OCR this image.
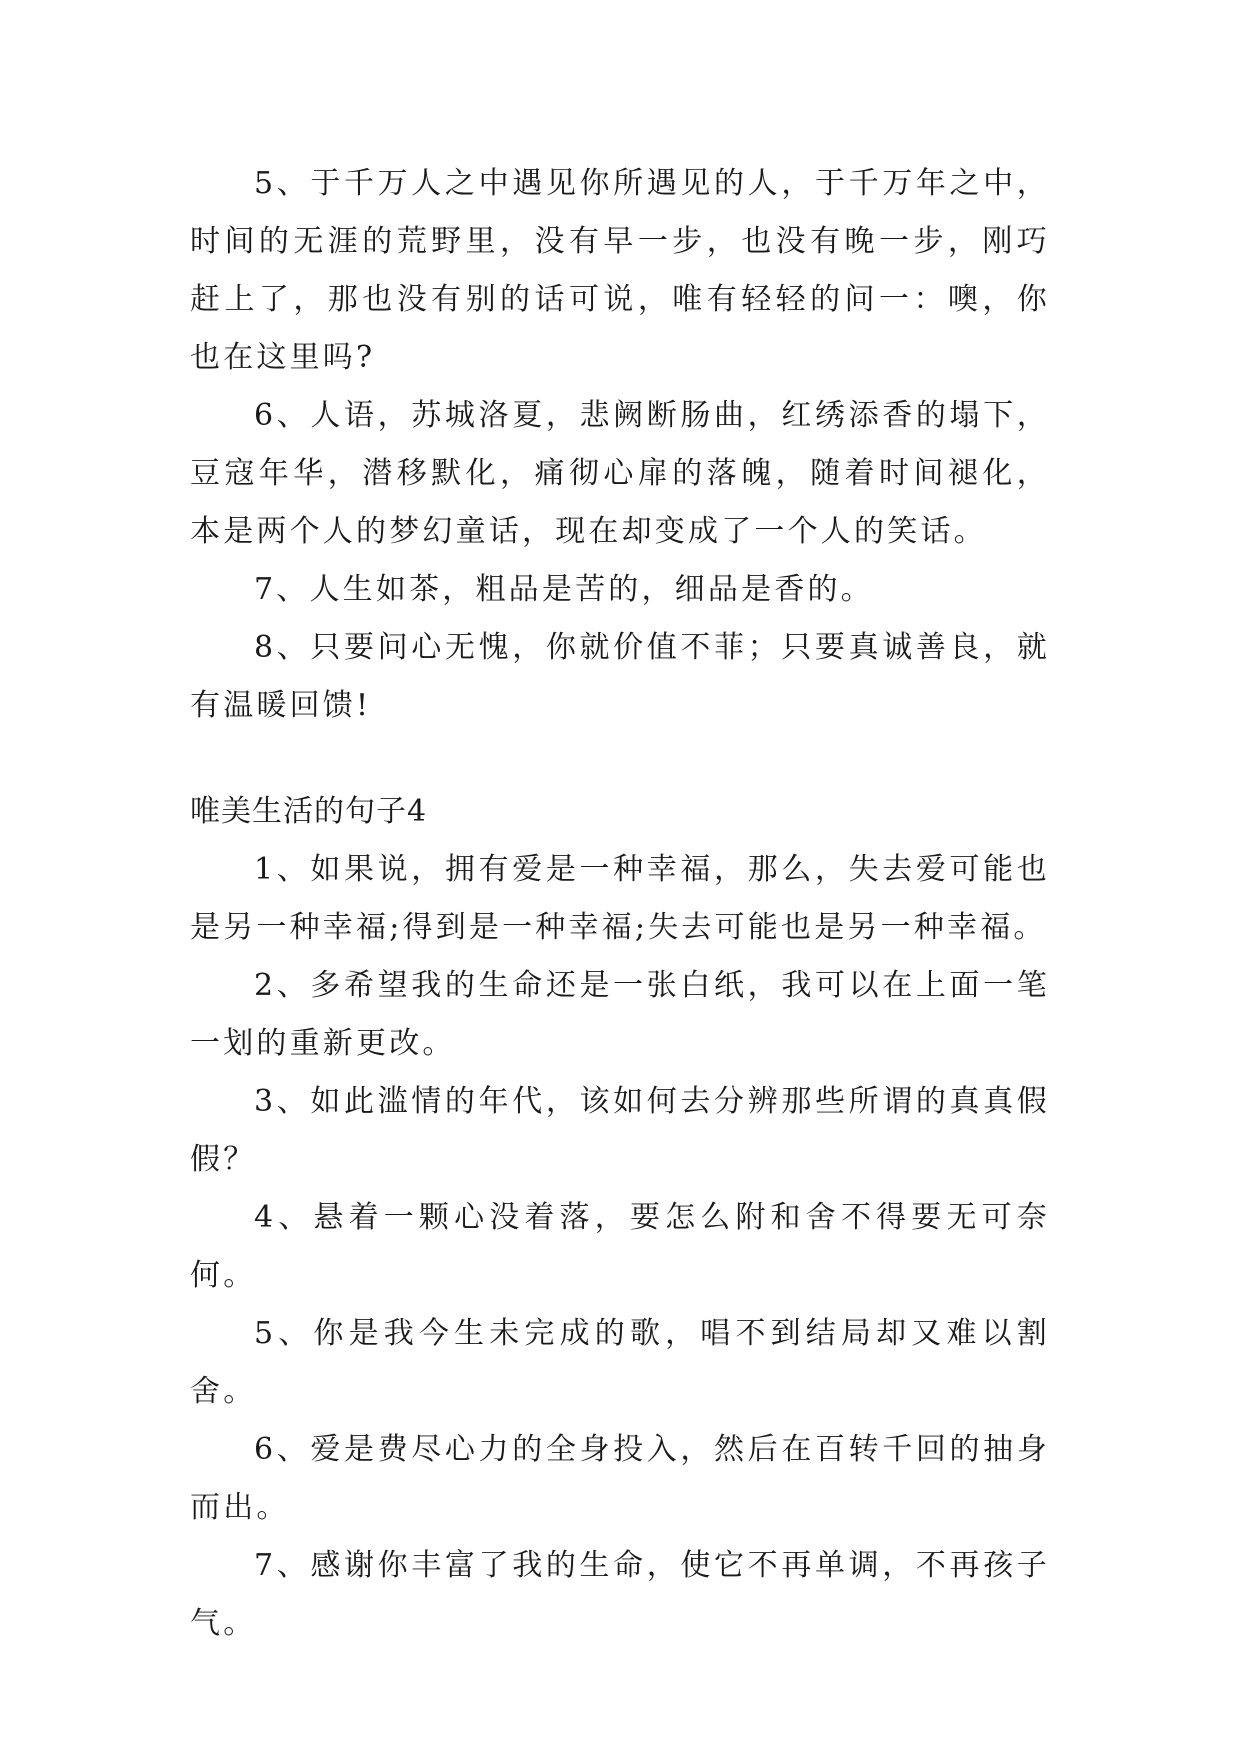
5、于千万人之中遇见你所遇见的人，于千万年之中，时间的无涯的荒野里，没有早一步，也没有晚一步，刚巧赶上了，那也没有别的话可说，唯有轻轻的问一：噢，你也在这里吗?

6、人语，苏城洛夏，悲阙断肠曲，红绣添香的塌下，豆寇年华，潜移默化，痛彻心扉的落魄，随着时间褪化，本是两个人的梦幻童话，现在却变成了一个人的笑话。

7、人生如茶，粗品是苦的，细品是香的。

8、只要问心无愧，你就价值不菲；只要真诚善良，就有温暖回馈!

唯美生活的句子4

1、如果说，拥有爱是一种幸福，那么，失去爱可能也是另一种幸福;得到是一种幸福;失去可能也是另一种幸福。

2、多希望我的生命还是一张白纸，我可以在上面一笔一划的重新更改。

3、如此滥情的年代，该如何去分辨那些所谓的真真假假？

4、悬着一颗心没着落，要怎么附和舍不得要无可奈何。

5、你是我今生未完成的歌，唱不到结局却又难以割舍。

6、爱是费尽心力的全身投入，然后在百转千回的抽身而出。

7、感谢你丰富了我的生命，使它不再单调，不再孩子气。
